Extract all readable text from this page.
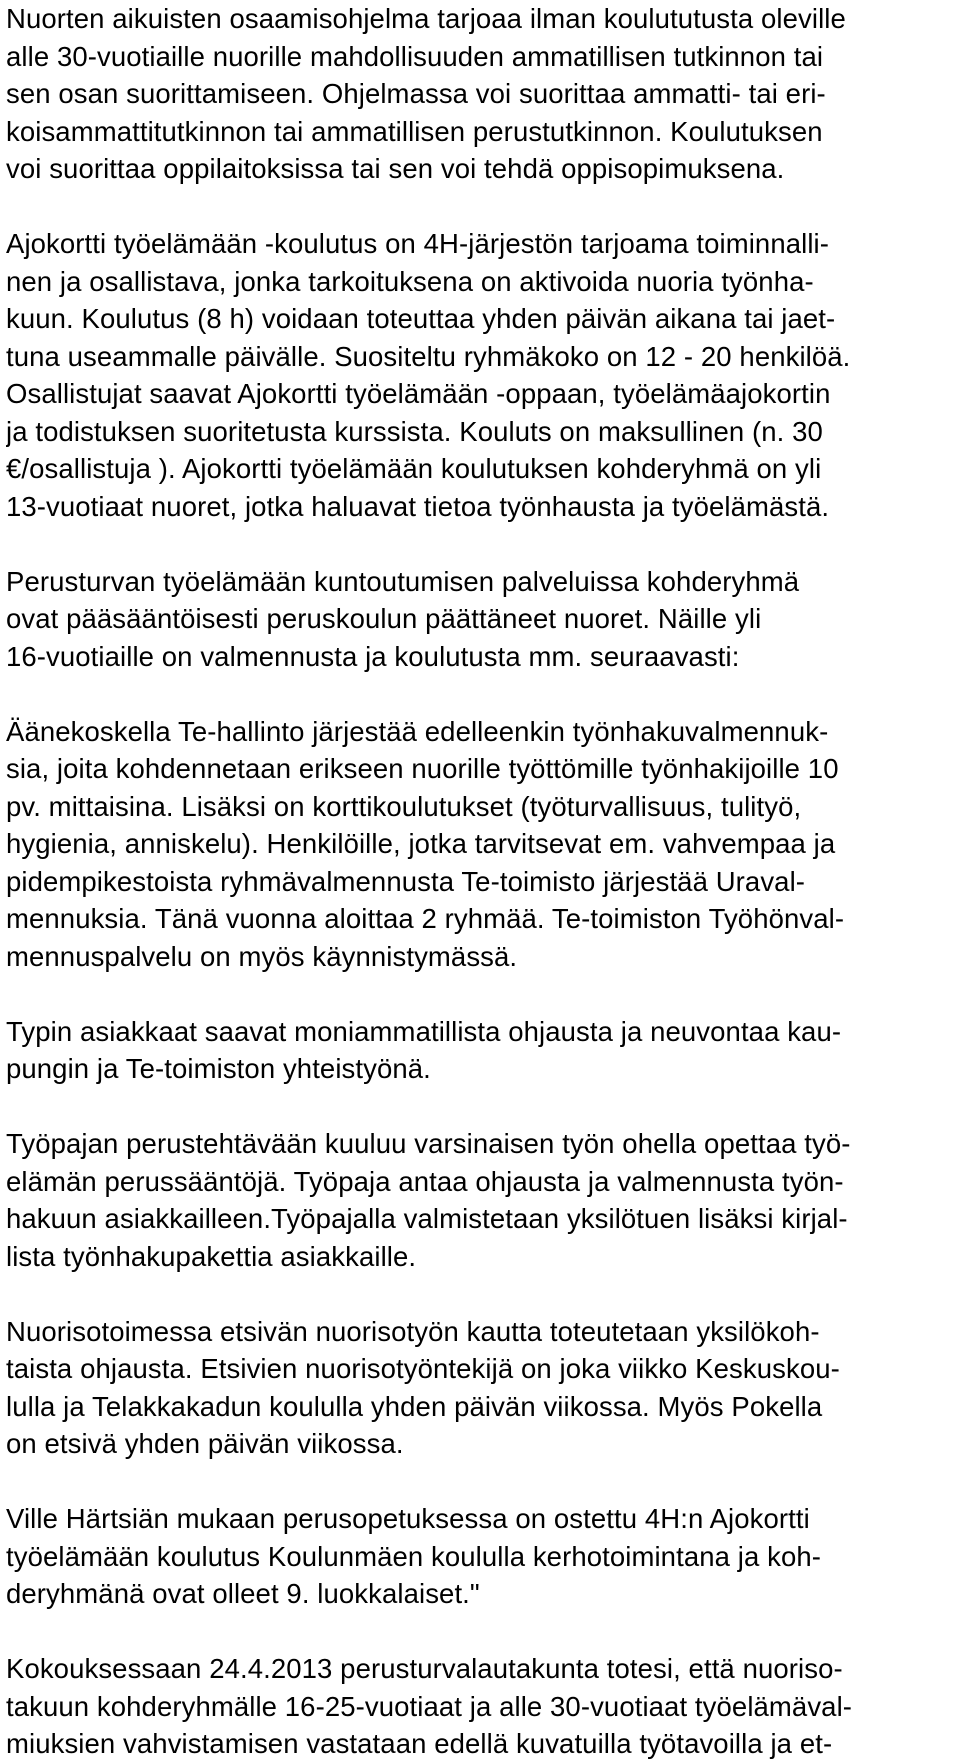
Nuorten aikuisten osaamisohjelma tarjoaa ilman koulututusta oleville
alle 30-vuotiaille nuorille mahdollisuuden ammatillisen tutkinnon tai
sen osan suorittamiseen. Ohjelmassa voi suorittaa ammatti- tai eri-
koisammattitutkinnon tai ammatillisen perustutkinnon. Koulutuksen
voi suorittaa oppilaitoksissa tai sen voi tehdä oppisopimuksena.
Ajokortti työelämään -koulutus on 4H-järjestön tarjoama toiminnalli-
nen ja osallistava, jonka tarkoituksena on aktivoida nuoria työnha-
kuun. Koulutus (8 h) voidaan toteuttaa yhden päivän aikana tai jaet-
tuna useammalle päivälle. Suositeltu ryhmäkoko on 12 - 20 henkilöä.
Osallistujat saavat Ajokortti työelämään -oppaan, työelämäajokortin
ja todistuksen suoritetusta kurssista. Kouluts on maksullinen (n. 30
€/osallistuja ). Ajokortti työelämään koulutuksen kohderyhmä on yli
13-vuotiaat nuoret, jotka haluavat tietoa työnhausta ja työelämästä.
Perusturvan työelämään kuntoutumisen palveluissa kohderyhmä
ovat pääsääntöisesti peruskoulun päättäneet nuoret. Näille yli
16-vuotiaille on valmennusta ja koulutusta mm. seuraavasti:
Äänekoskella Te-hallinto järjestää edelleenkin työnhakuvalmennuk-
sia, joita kohdennetaan erikseen nuorille työttömille työnhakijoille 10
pv. mittaisina. Lisäksi on korttikoulutukset (työturvallisuus, tulityö,
hygienia, anniskelu). Henkilöille, jotka tarvitsevat em. vahvempaa ja
pidempikestoista ryhmävalmennusta Te-toimisto järjestää Uraval-
mennuksia. Tänä vuonna aloittaa 2 ryhmää. Te-toimiston Työhönval-
mennuspalvelu on myös käynnistymässä.
Typin asiakkaat saavat moniammatillista ohjausta ja neuvontaa kau-
pungin ja Te-toimiston yhteistyönä.
Työpajan perustehtävään kuuluu varsinaisen työn ohella opettaa työ-
elämän perussääntöjä. Työpaja antaa ohjausta ja valmennusta työn-
hakuun asiakkailleen.Työpajalla valmistetaan yksilötuen lisäksi kirjal-
lista työnhakupakettia asiakkaille.
Nuorisotoimessa etsivän nuorisotyön kautta toteutetaan yksilökoh-
taista ohjausta. Etsivien nuorisotyöntekijä on joka viikko Keskuskou-
lulla ja Telakkakadun koululla yhden päivän viikossa. Myös Pokella
on etsivä yhden päivän viikossa.
Ville Härtsiän mukaan perusopetuksessa on ostettu 4H:n Ajokortti
työelämään koulutus Koulunmäen koululla kerhotoimintana ja koh-
deryhmänä ovat olleet 9. luokkalaiset."
Kokouksessaan 24.4.2013 perusturvalautakunta totesi, että nuoriso-
takuun kohderyhmälle 16-25-vuotiaat ja alle 30-vuotiaat työelämäval-
miuksien vahvistamisen vastataan edellä kuvatuilla työtavoilla ja et-
